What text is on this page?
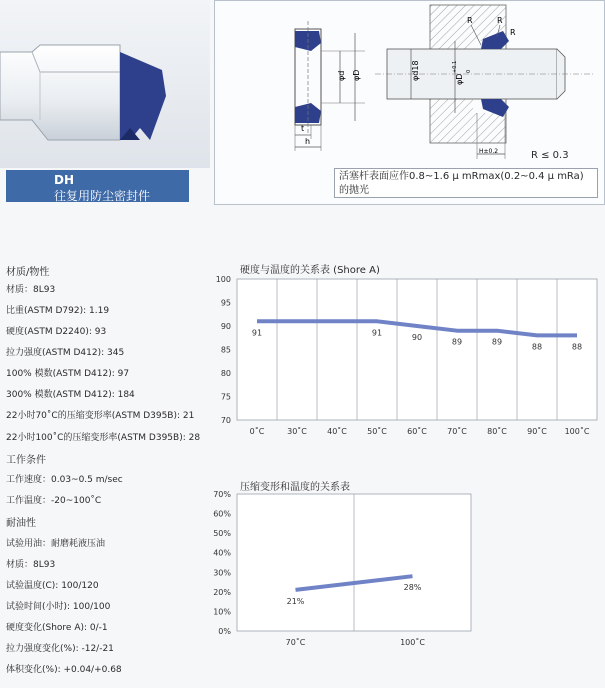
DH
往复用防尘密封件
t
h
φd φD	φd18	φD
+0.1 0
R	R
R
H±0.2	R ≤ 0.3
活塞杆表面应作0.8~1.6 μ mRmax(0.2~0.4 μ mRa)
的抛光
材质/物性
材质：8L93
比重(ASTM D792): 1.19
硬度(ASTM D2240): 93
拉力强度(ASTM D412): 345
100% 模数(ASTM D412): 97
300% 模数(ASTM D412): 184
22小时70˚C的压缩变形率(ASTM D395B): 21
22小时100˚C的压缩变形率(ASTM D395B): 28
工作条件
工作速度：0.03~0.5 m/sec
工作温度：-20~100˚C
耐油性
试验用油：耐磨耗液压油
材质：8L93
试验温度(C): 100/120
试验时间(小时): 100/100
硬度变化(Shore A): 0/-1
拉力强度变化(%): -12/-21
体积变化(%): +0.04/+0.68
硬度与温度的关系表 (Shore A)
100
95
90
85
80
75
70
0˚C	30˚C	40˚C	50˚C	60˚C	70˚C	80˚C	90˚C 100˚C
91	91
90
89	89
88	88
压缩变形和温度的关系表
70%
60%
50%
40%
30%
20%
10%
0%
70˚C	100˚C
21%
28%
